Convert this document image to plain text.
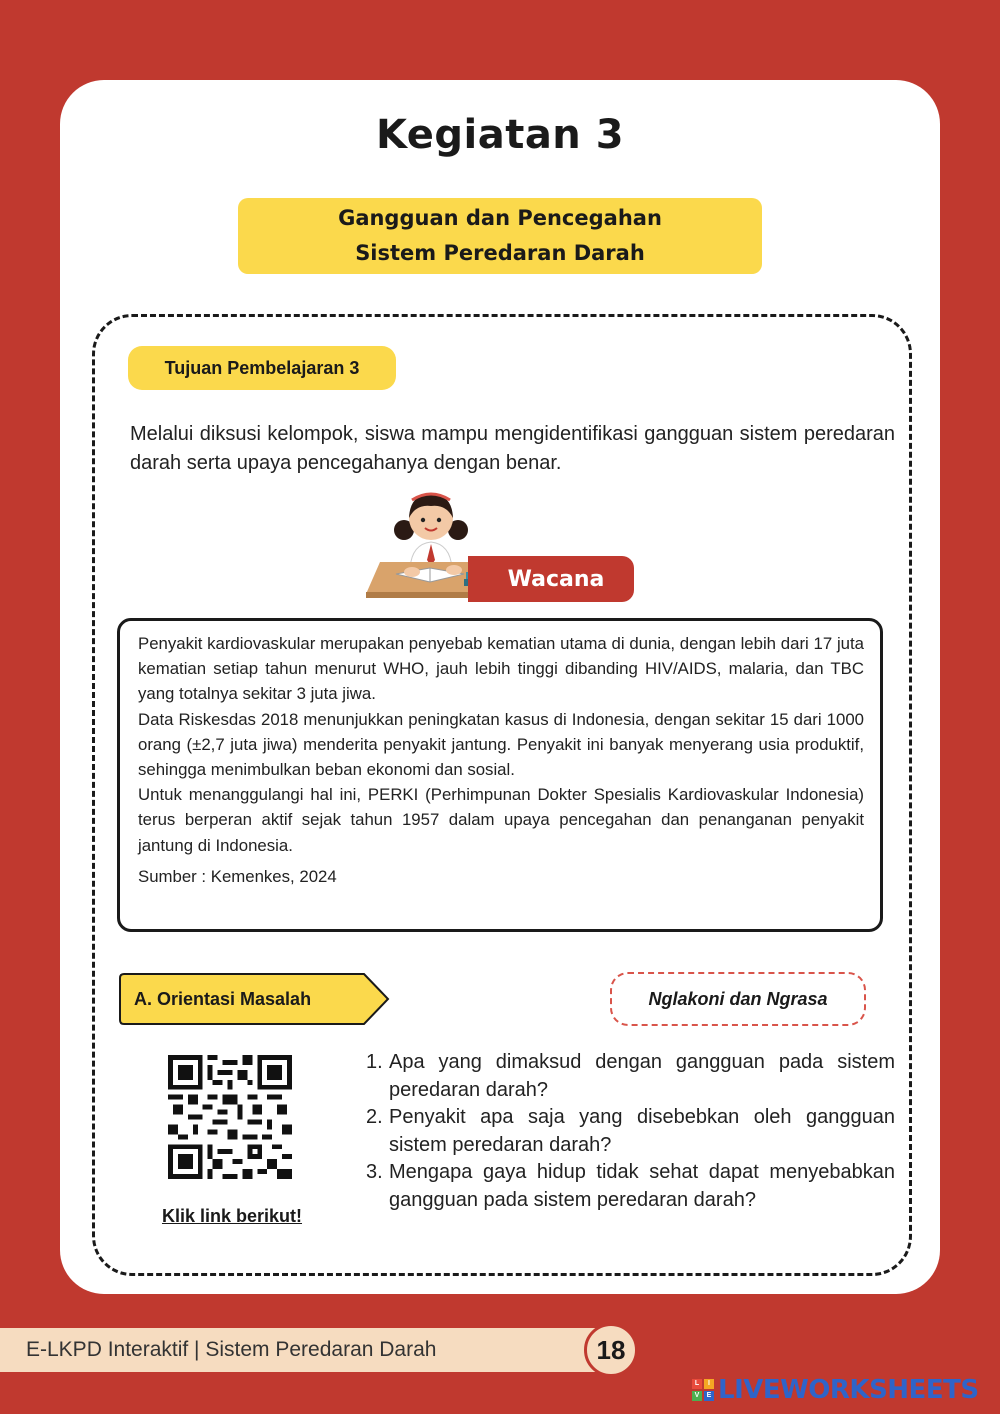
Kegiatan 3
Gangguan dan Pencegahan
Sistem Peredaran Darah
Tujuan Pembelajaran 3
Melalui diksusi kelompok, siswa mampu mengidentifikasi gangguan sistem peredaran darah serta upaya pencegahanya dengan benar.
Wacana

Penyakit kardiovaskular merupakan penyebab kematian utama di dunia, dengan lebih dari 17 juta kematian setiap tahun menurut WHO, jauh lebih tinggi dibanding HIV/AIDS, malaria, dan TBC yang totalnya sekitar 3 juta jiwa.

Data Riskesdas 2018 menunjukkan peningkatan kasus di Indonesia, dengan sekitar 15 dari 1000 orang (±2,7 juta jiwa) menderita penyakit jantung. Penyakit ini banyak menyerang usia produktif, sehingga menimbulkan beban ekonomi dan sosial.

Untuk menanggulangi hal ini, PERKI (Perhimpunan Dokter Spesialis Kardiovaskular Indonesia) terus berperan aktif sejak tahun 1957 dalam upaya pencegahan dan penanganan penyakit jantung di Indonesia.

Sumber : Kemenkes, 2024

A. Orientasi Masalah	Nglakoni dan Ngrasa
Klik link berikut!
1. Apa yang dimaksud dengan gangguan pada sistem peredaran darah?
2. Penyakit apa saja yang disebebkan oleh gangguan sistem peredaran darah?
3. Mengapa gaya hidup tidak sehat dapat menyebabkan gangguan pada sistem peredaran darah?
E-LKPD Interaktif | Sistem Peredaran Darah	18
L	I
V	E LIVEWORKSHEETS
